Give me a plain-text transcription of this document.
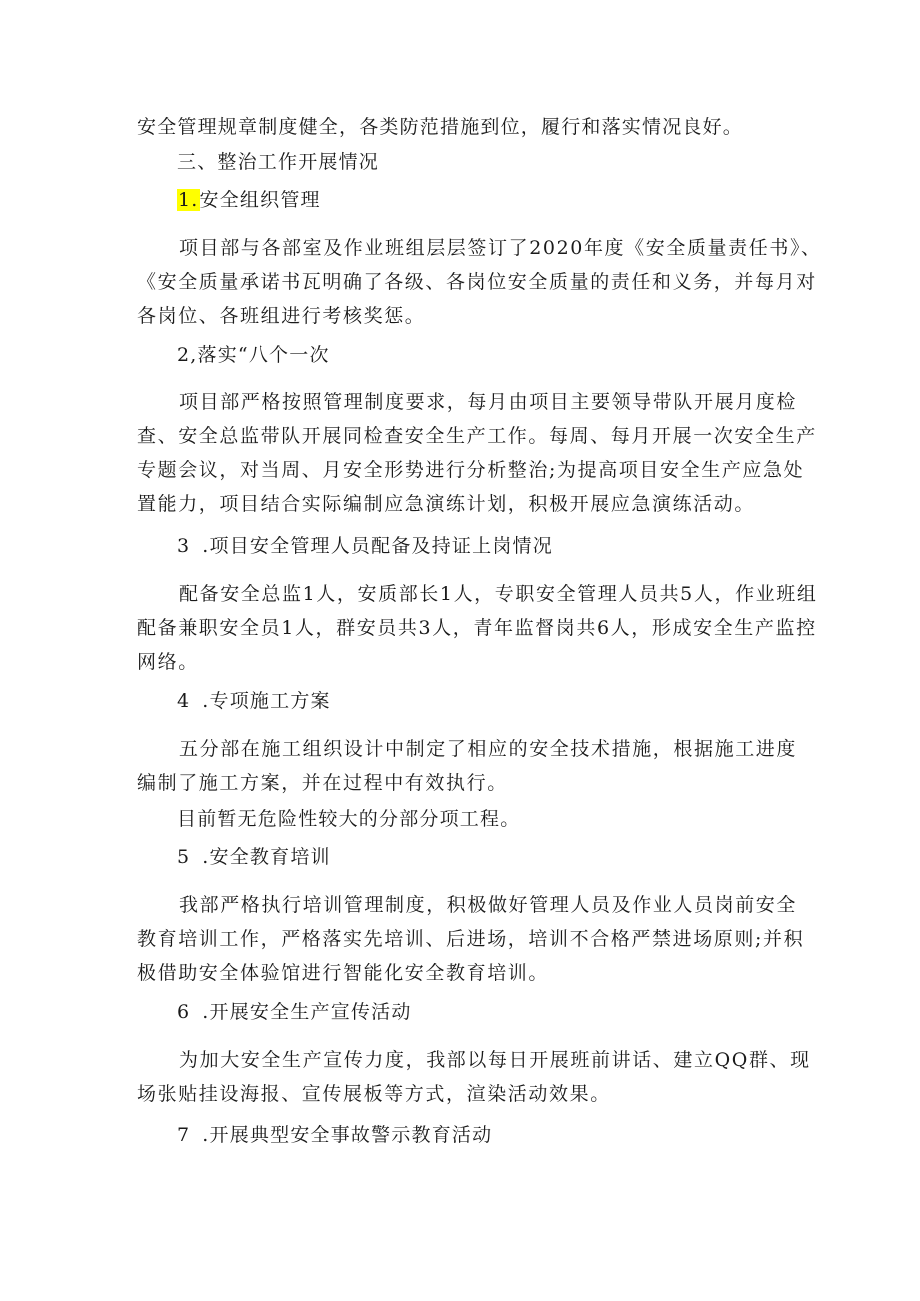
安全管理规章制度健全，各类防范措施到位，履行和落实情况良好。

三、整治工作开展情况

1.安全组织管理

项目部与各部室及作业班组层层签订了2020年度《安全质量责任书》、
《安全质量承诺书瓦明确了各级、各岗位安全质量的责任和义务，并每月对
各岗位、各班组进行考核奖惩。

2,落实“八个一次

项目部严格按照管理制度要求，每月由项目主要领导带队开展月度检
查、安全总监带队开展同检查安全生产工作。每周、每月开展一次安全生产
专题会议，对当周、月安全形势进行分析整治;为提高项目安全生产应急处
置能力，项目结合实际编制应急演练计划，积极开展应急演练活动。

3 .项目安全管理人员配备及持证上岗情况

配备安全总监1人，安质部长1人，专职安全管理人员共5人，作业班组
配备兼职安全员1人，群安员共3人，青年监督岗共6人，形成安全生产监控
网络。

4 .专项施工方案

五分部在施工组织设计中制定了相应的安全技术措施，根据施工进度
编制了施工方案，并在过程中有效执行。

目前暂无危险性较大的分部分项工程。

5 .安全教育培训

我部严格执行培训管理制度，积极做好管理人员及作业人员岗前安全
教育培训工作，严格落实先培训、后进场，培训不合格严禁进场原则;并积
极借助安全体验馆进行智能化安全教育培训。

6 .开展安全生产宣传活动

为加大安全生产宣传力度，我部以每日开展班前讲话、建立QQ群、现
场张贴挂设海报、宣传展板等方式，渲染活动效果。

7 .开展典型安全事故警示教育活动
